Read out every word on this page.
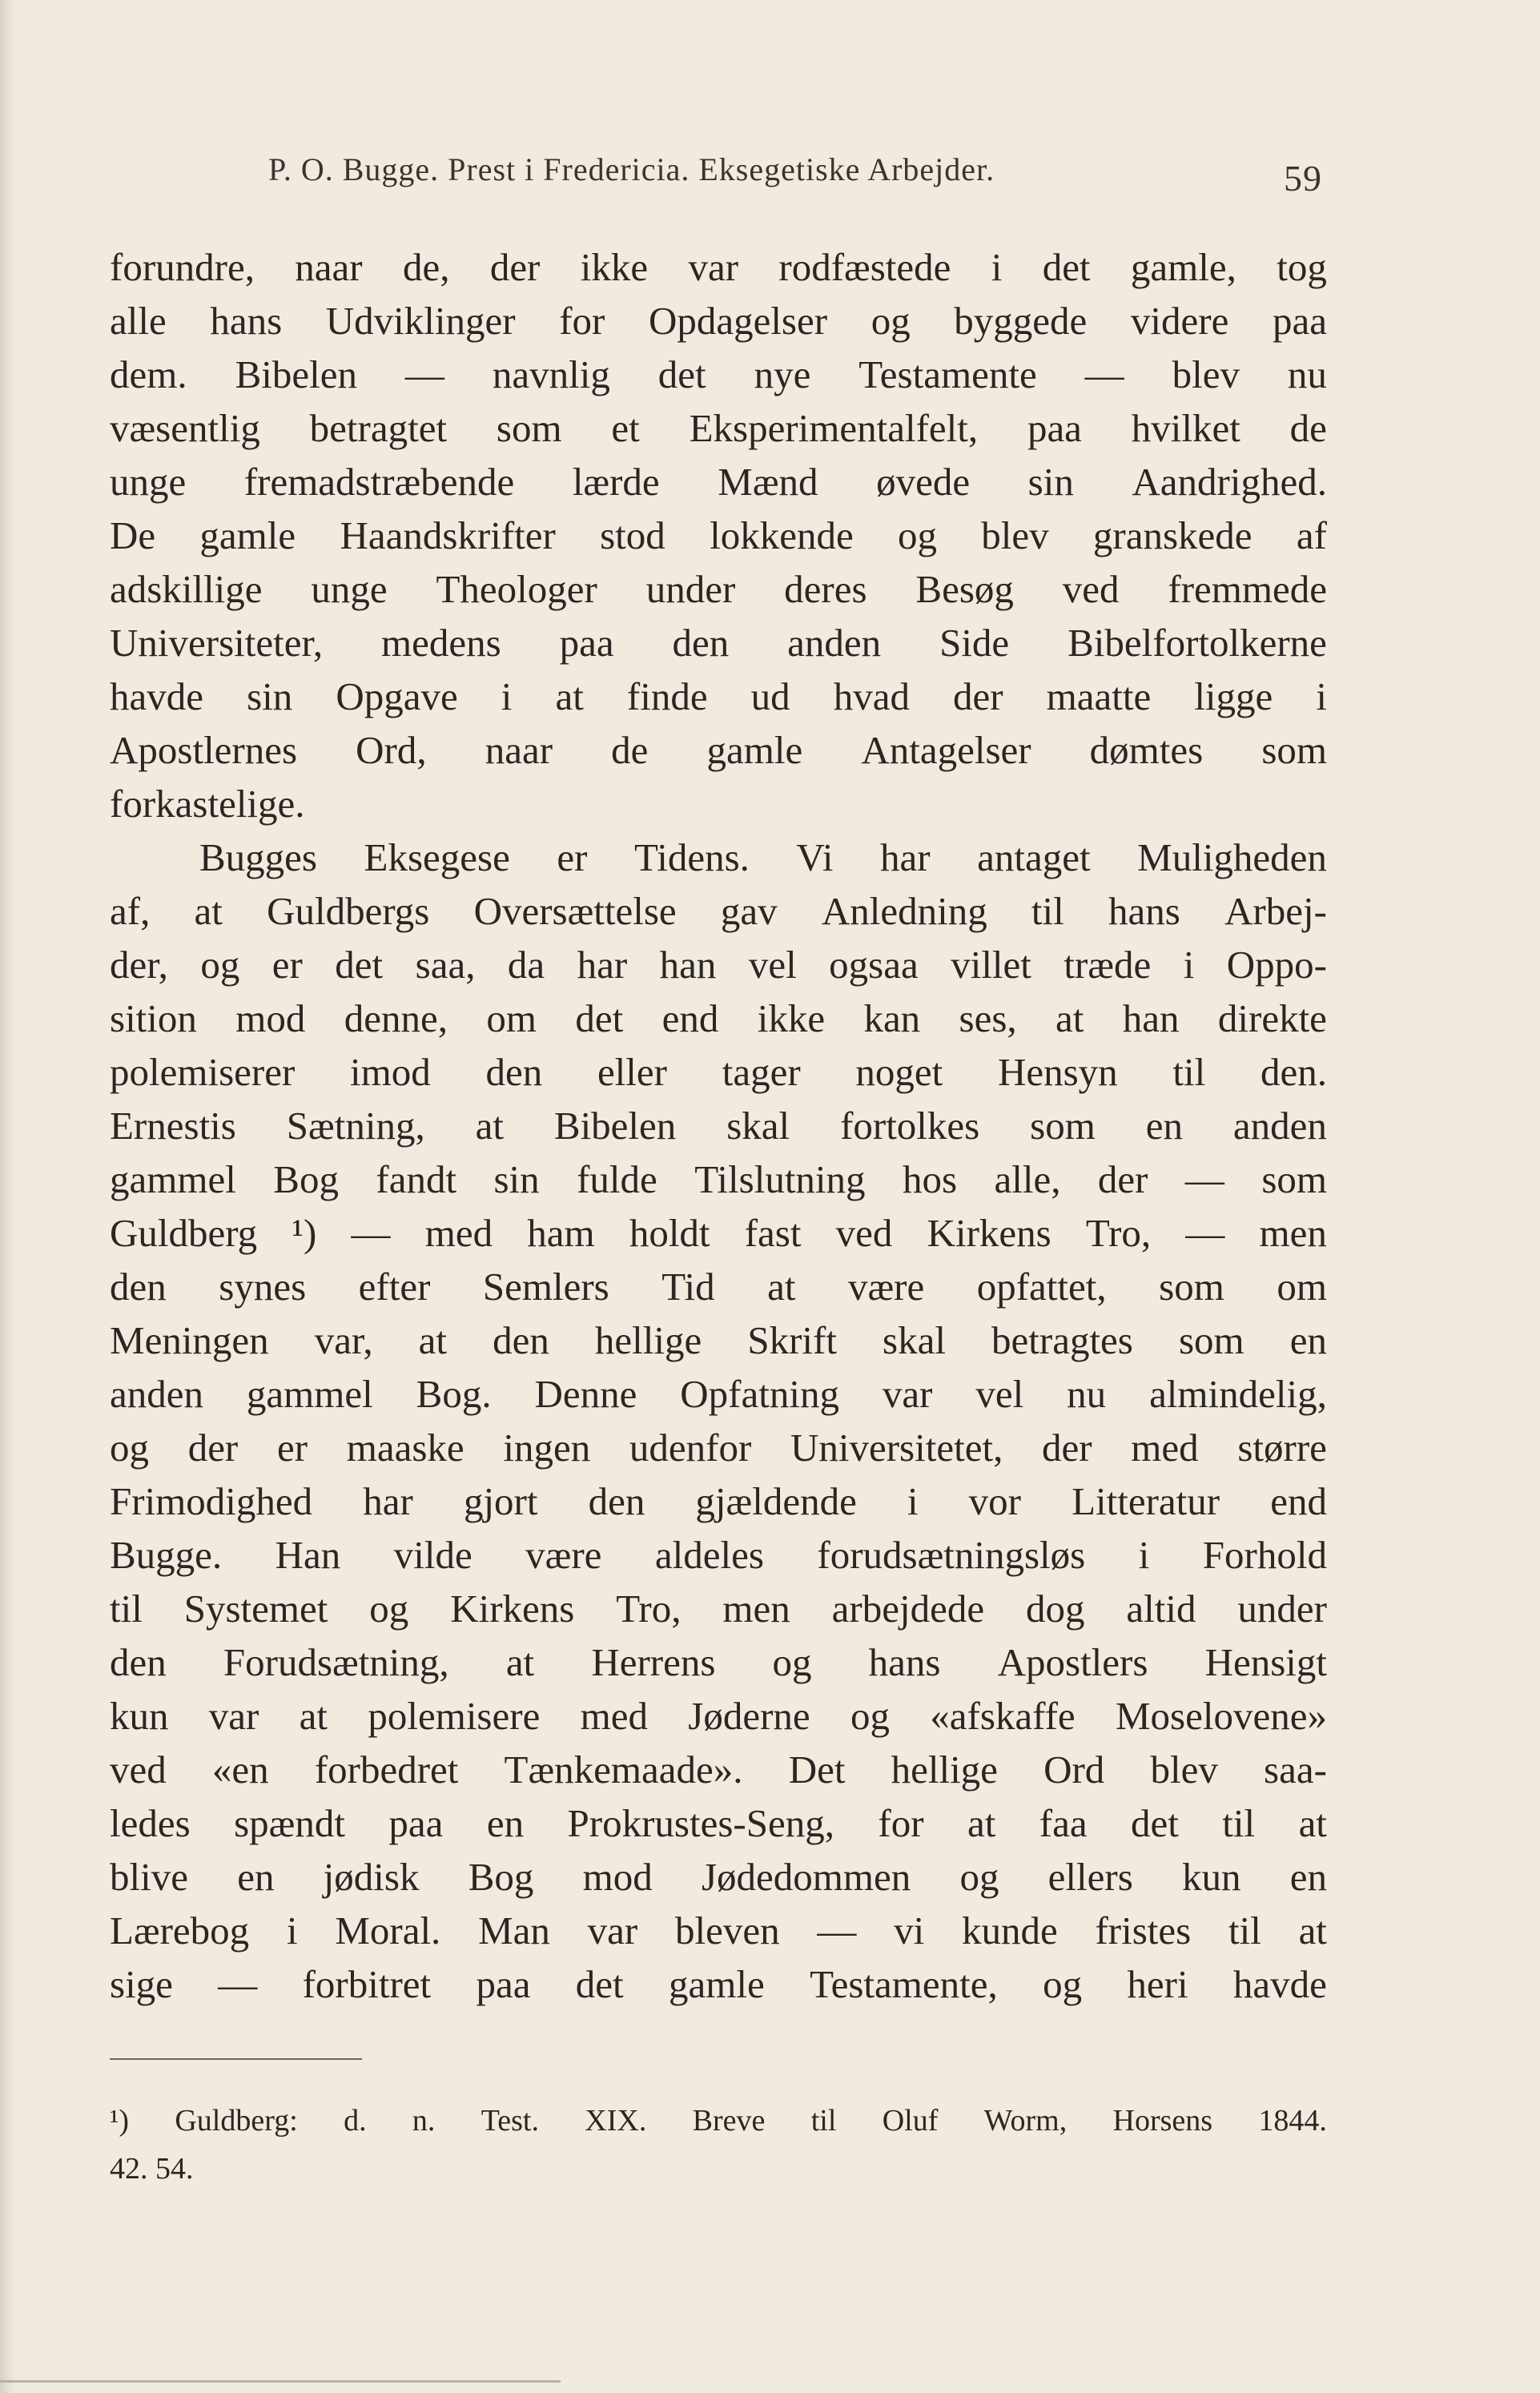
P. O. Bugge. Prest i Fredericia. Eksegetiske Arbejder.	59
forundre, naar de, der ikke var rodfæstede i det gamle, tog
alle hans Udviklinger for Opdagelser og byggede videre paa
dem. Bibelen — navnlig det nye Testamente — blev nu
væsentlig betragtet som et Eksperimentalfelt, paa hvilket de
unge fremadstræbende lærde Mænd øvede sin Aandrighed.
De gamle Haandskrifter stod lokkende og blev granskede af
adskillige unge Theologer under deres Besøg ved fremmede
Universiteter, medens paa den anden Side Bibelfortolkerne
havde sin Opgave i at finde ud hvad der maatte ligge i
Apostlernes Ord, naar de gamle Antagelser dømtes som
forkastelige.
Bugges Eksegese er Tidens. Vi har antaget Muligheden
af, at Guldbergs Oversættelse gav Anledning til hans Arbej-
der, og er det saa, da har han vel ogsaa villet træde i Oppo-
sition mod denne, om det end ikke kan ses, at han direkte
polemiserer imod den eller tager noget Hensyn til den.
Ernestis Sætning, at Bibelen skal fortolkes som en anden
gammel Bog fandt sin fulde Tilslutning hos alle, der — som
Guldberg ¹) — med ham holdt fast ved Kirkens Tro, — men
den synes efter Semlers Tid at være opfattet, som om
Meningen var, at den hellige Skrift skal betragtes som en
anden gammel Bog. Denne Opfatning var vel nu almindelig,
og der er maaske ingen udenfor Universitetet, der med større
Frimodighed har gjort den gjældende i vor Litteratur end
Bugge. Han vilde være aldeles forudsætningsløs i Forhold
til Systemet og Kirkens Tro, men arbejdede dog altid under
den Forudsætning, at Herrens og hans Apostlers Hensigt
kun var at polemisere med Jøderne og «afskaffe Moselovene»
ved «en forbedret Tænkemaade». Det hellige Ord blev saa-
ledes spændt paa en Prokrustes-Seng, for at faa det til at
blive en jødisk Bog mod Jødedommen og ellers kun en
Lærebog i Moral. Man var bleven — vi kunde fristes til at
sige — forbitret paa det gamle Testamente, og heri havde
¹) Guldberg: d. n. Test. XIX. Breve til Oluf Worm, Horsens 1844.
42. 54.
